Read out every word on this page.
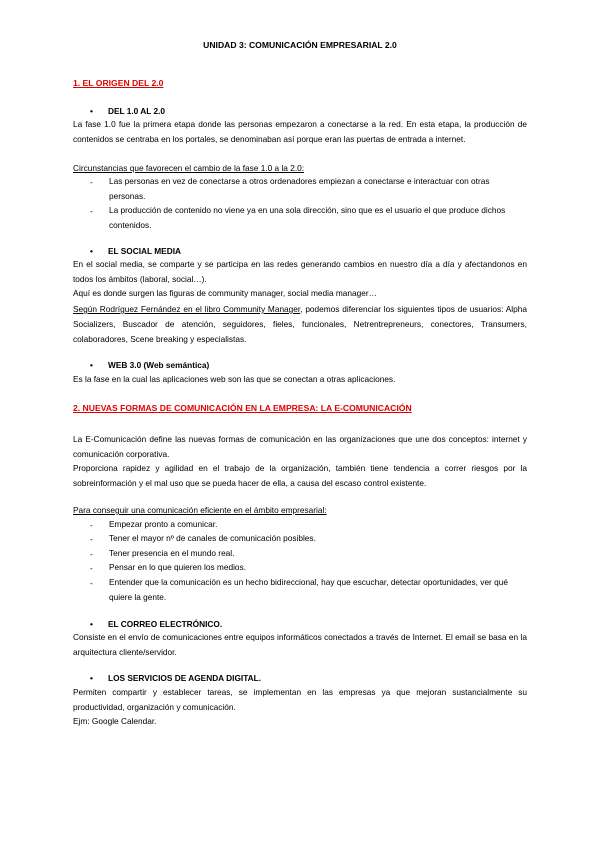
UNIDAD 3: COMUNICACIÓN EMPRESARIAL 2.0
1. EL ORIGEN DEL 2.0
• DEL 1.0 AL 2.0
La fase 1.0 fue la primera etapa donde las personas empezaron a conectarse a la red. En esta etapa, la producción de contenidos se centraba en los portales, se denominaban así porque eran las puertas de entrada a internet.
Circunstancias que favorecen el cambio de la fase 1.0 a la 2.0:
- Las personas en vez de conectarse a otros ordenadores empiezan a conectarse e interactuar con otras personas.
- La producción de contenido no viene ya en una sola dirección, sino que es el usuario el que produce dichos contenidos.
• EL SOCIAL MEDIA
En el social media, se comparte y se participa en las redes generando cambios en nuestro día a día y afectandonos en todos los ámbitos (laboral, social…).
Aquí es donde surgen las figuras de community manager, social media manager…
Según Rodríguez Fernández en el libro Community Manager, podemos diferenciar los siguientes tipos de usuarios: Alpha Socializers, Buscador de atención, seguidores, fieles, funcionales, Netrentrepreneurs, conectores, Transumers, colaboradores, Scene breaking y especialistas.
• WEB 3.0 (Web semántica)
Es la fase en la cual las aplicaciones web son las que se conectan a otras aplicaciones.
2. NUEVAS FORMAS DE COMUNICACIÓN EN LA EMPRESA: LA E-COMUNICACIÓN
La E-Comunicación define las nuevas formas de comunicación en las organizaciones que une dos conceptos: internet y comunicación corporativa.
Proporciona rapidez y agilidad en el trabajo de la organización, también tiene tendencia a correr riesgos por la sobreinformación y el mal uso que se pueda hacer de ella, a causa del escaso control existente.
Para conseguir una comunicación eficiente en el ámbito empresarial:
- Empezar pronto a comunicar.
- Tener el mayor nº de canales de comunicación posibles.
- Tener presencia en el mundo real.
- Pensar en lo que quieren los medios.
- Entender que la comunicación es un hecho bidireccional, hay que escuchar, detectar oportunidades, ver qué quiere la gente.
• EL CORREO ELECTRÓNICO.
Consiste en el envío de comunicaciones entre equipos informáticos conectados a través de Internet. El email se basa en la arquitectura cliente/servidor.
• LOS SERVICIOS DE AGENDA DIGITAL.
Permiten compartir y establecer tareas, se implementan en las empresas ya que mejoran sustancialmente su productividad, organización y comunicación.
Ejm: Google Calendar.
